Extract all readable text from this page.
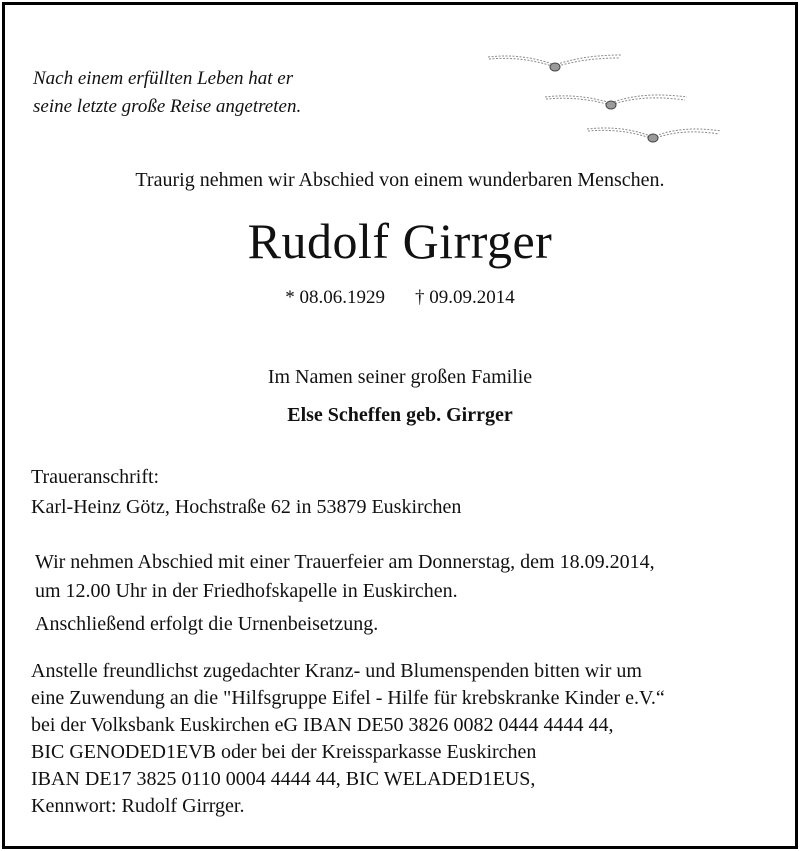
Nach einem erfüllten Leben hat er
seine letzte große Reise angetreten.
Traurig nehmen wir Abschied von einem wunderbaren Menschen.
Rudolf Girrger
* 08.06.1929 † 09.09.2014
Im Namen seiner großen Familie
Else Scheffen geb. Girrger
Traueranschrift:
Karl-Heinz Götz, Hochstraße 62 in 53879 Euskirchen
Wir nehmen Abschied mit einer Trauerfeier am Donnerstag, dem 18.09.2014,
um 12.00 Uhr in der Friedhofskapelle in Euskirchen.
Anschließend erfolgt die Urnenbeisetzung.
Anstelle freundlichst zugedachter Kranz- und Blumenspenden bitten wir um
eine Zuwendung an die "Hilfsgruppe Eifel - Hilfe für krebskranke Kinder e.V.“
bei der Volksbank Euskirchen eG IBAN DE50 3826 0082 0444 4444 44,
BIC GENODED1EVB oder bei der Kreissparkasse Euskirchen
IBAN DE17 3825 0110 0004 4444 44, BIC WELADED1EUS,
Kennwort: Rudolf Girrger.
